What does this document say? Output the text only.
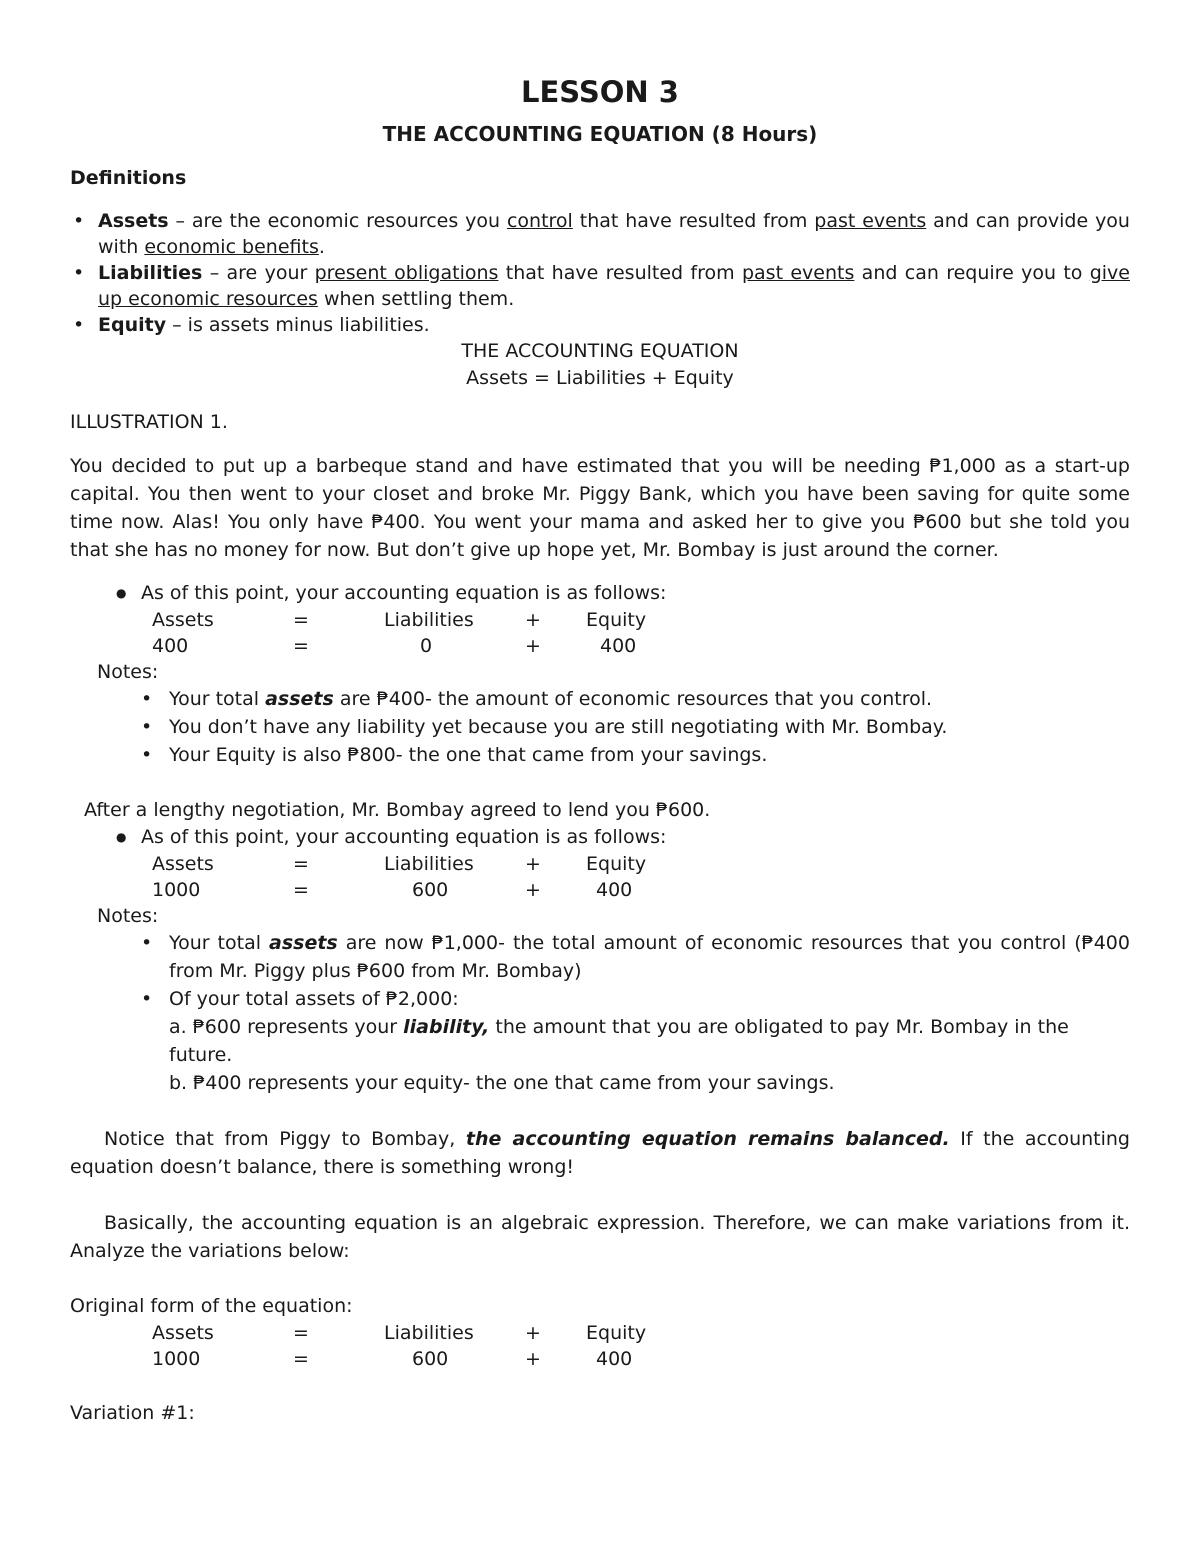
LESSON 3
THE ACCOUNTING EQUATION (8 Hours)
Definitions
• Assets – are the economic resources you control that have resulted from past events and can provide you with economic benefits.
• Liabilities – are your present obligations that have resulted from past events and can require you to give up economic resources when settling them.
• Equity – is assets minus liabilities.
THE ACCOUNTING EQUATION
Assets = Liabilities + Equity
ILLUSTRATION 1.

You decided to put up a barbeque stand and have estimated that you will be needing ₱1,000 as a start-up capital. You then went to your closet and broke Mr. Piggy Bank, which you have been saving for quite some time now. Alas! You only have ₱400. You went your mama and asked her to give you ₱600 but she told you that she has no money for now. But don’t give up hope yet, Mr. Bombay is just around the corner.

● As of this point, your accounting equation is as follows:
Assets	=	Liabilities	+	Equity
400	=	0	+	400
Notes:
• Your total assets are ₱400- the amount of economic resources that you control.
• You don’t have any liability yet because you are still negotiating with Mr. Bombay.
• Your Equity is also ₱800- the one that came from your savings.
After a lengthy negotiation, Mr. Bombay agreed to lend you ₱600.
● As of this point, your accounting equation is as follows:
Assets	=	Liabilities	+	Equity
1000	=	600	+	400
Notes:
• Your total assets are now ₱1,000- the total amount of economic resources that you control (₱400 from Mr. Piggy plus ₱600 from Mr. Bombay)
• Of your total assets of ₱2,000:
a. ₱600 represents your liability, the amount that you are obligated to pay Mr. Bombay in the future.
b. ₱400 represents your equity- the one that came from your savings.

Notice that from Piggy to Bombay, the accounting equation remains balanced. If the accounting equation doesn’t balance, there is something wrong!

Basically, the accounting equation is an algebraic expression. Therefore, we can make variations from it. Analyze the variations below:

Original form of the equation:
Assets	=	Liabilities	+	Equity
1000	=	600	+	400
Variation #1:
